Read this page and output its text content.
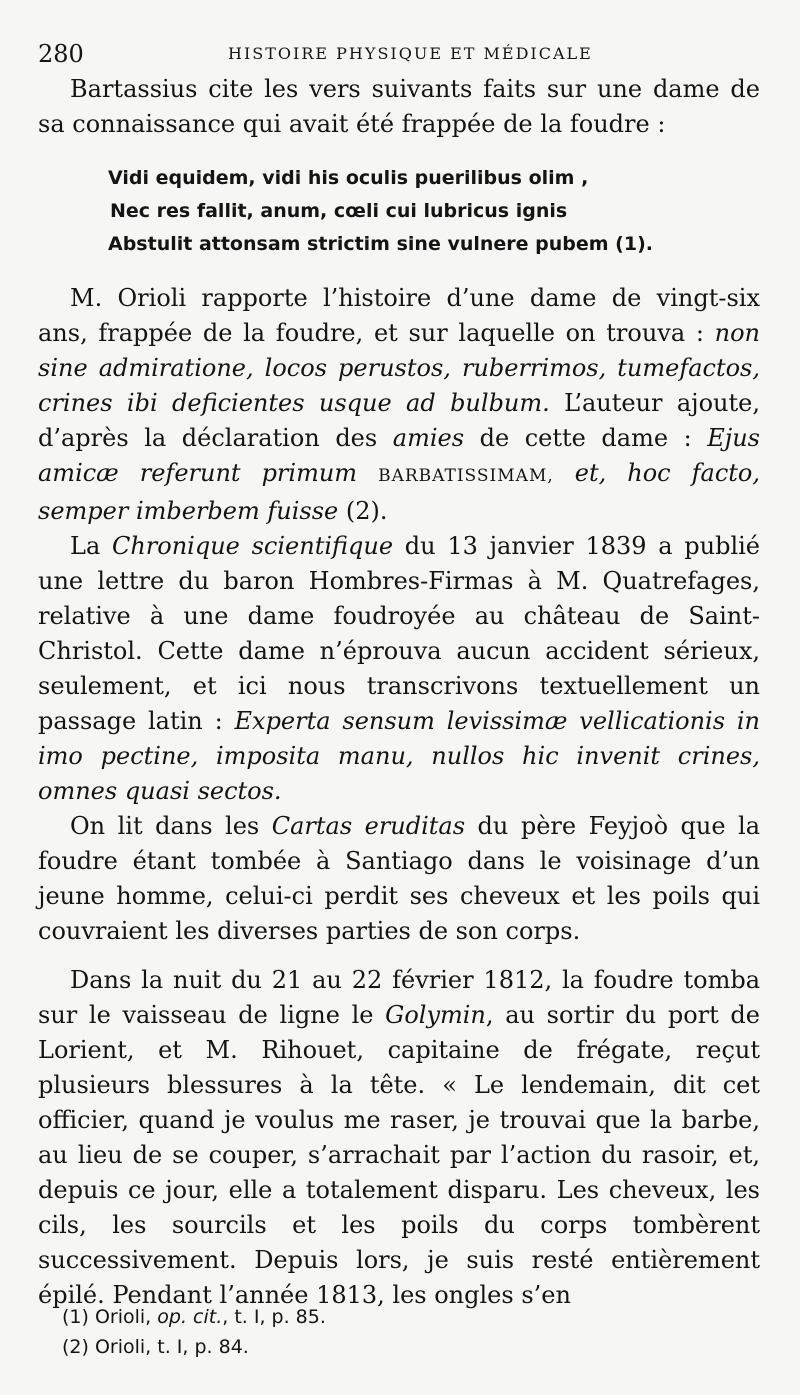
280	HISTOIRE PHYSIQUE ET MÉDICALE

Bartassius cite les vers suivants faits sur une dame de sa connaissance qui avait été frappée de la foudre :

Vidi equidem, vidi his oculis puerilibus olim ,
Nec res fallit, anum, cœli cui lubricus ignis
Abstulit attonsam strictim sine vulnere pubem (1).

M. Orioli rapporte l’histoire d’une dame de vingt-six ans, frappée de la foudre, et sur laquelle on trouva : non sine admiratione, locos perustos, ruberrimos, tumefactos, crines ibi deficientes usque ad bulbum. L’auteur ajoute, d’après la déclaration des amies de cette dame : Ejus amicæ referunt primum BARBATISSIMAM, et, hoc facto, semper imberbem fuisse (2).

La Chronique scientifique du 13 janvier 1839 a publié une lettre du baron Hombres-Firmas à M. Quatrefages, relative à une dame foudroyée au château de Saint-Christol. Cette dame n’éprouva aucun accident sérieux, seulement, et ici nous transcrivons textuellement un passage latin : Experta sensum levissimæ vellicationis in imo pectine, imposita manu, nullos hic invenit crines, omnes quasi sectos.

On lit dans les Cartas eruditas du père Feyjoò que la foudre étant tombée à Santiago dans le voisinage d’un jeune homme, celui-ci perdit ses cheveux et les poils qui couvraient les diverses parties de son corps.

Dans la nuit du 21 au 22 février 1812, la foudre tomba sur le vaisseau de ligne le Golymin, au sortir du port de Lorient, et M. Rihouet, capitaine de frégate, reçut plusieurs blessures à la tête. « Le lendemain, dit cet officier, quand je voulus me raser, je trouvai que la barbe, au lieu de se couper, s’arrachait par l’action du rasoir, et, depuis ce jour, elle a totalement disparu. Les cheveux, les cils, les sourcils et les poils du corps tombèrent successivement. Depuis lors, je suis resté entièrement épilé. Pendant l’année 1813, les ongles s’en

(1) Orioli, op. cit., t. I, p. 85.
(2) Orioli, t. I, p. 84.
